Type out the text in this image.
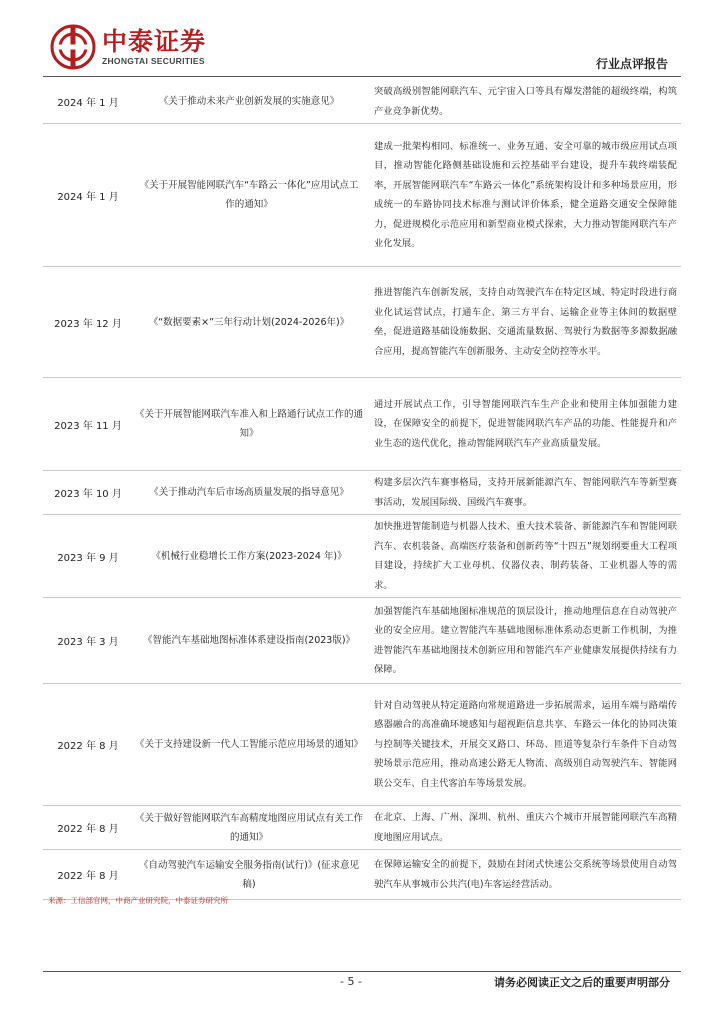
中泰证券
ZHONGTAI SECURITIES	行业点评报告
2024 年 1 月	《关于推动未来产业创新发展的实施意见》	突破高级别智能网联汽车、元宇宙入口等具有爆发潜能的超级终端，构筑产业竞争新优势。
2024 年 1 月	《关于开展智能网联汽车“车路云一体化”应用试点工作的通知》	建成一批架构相同、标准统一、业务互通、安全可靠的城市级应用试点项目，推动智能化路侧基础设施和云控基础平台建设，提升车载终端装配率，开展智能网联汽车“车路云一体化”系统架构设计和多种场景应用，形成统一的车路协同技术标准与测试评价体系，健全道路交通安全保障能力，促进规模化示范应用和新型商业模式探索，大力推动智能网联汽车产业化发展。
2023 年 12 月	《“数据要素×”三年行动计划(2024-2026年)》	推进智能汽车创新发展，支持自动驾驶汽车在特定区域、特定时段进行商业化试运营试点，打通车企、第三方平台、运输企业等主体间的数据壁垒，促进道路基础设施数据、交通流量数据、驾驶行为数据等多源数据融合应用，提高智能汽车创新服务、主动安全防控等水平。
2023 年 11 月	《关于开展智能网联汽车准入和上路通行试点工作的通知》	通过开展试点工作，引导智能网联汽车生产企业和使用主体加强能力建设，在保障安全的前提下，促进智能网联汽车产品的功能、性能提升和产业生态的迭代优化，推动智能网联汽车产业高质量发展。
2023 年 10 月	《关于推动汽车后市场高质量发展的指导意见》	构建多层次汽车赛事格局，支持开展新能源汽车、智能网联汽车等新型赛事活动，发展国际级、国级汽车赛事。
2023 年 9 月	《机械行业稳增长工作方案(2023-2024 年)》	加快推进智能制造与机器人技术、重大技术装备、新能源汽车和智能网联汽车、农机装备、高端医疗装备和创新药等“十四五”规划纲要重大工程项目建设，持续扩大工业母机、仪器仪表、制药装备、工业机器人等的需求。
2023 年 3 月	《智能汽车基础地图标准体系建设指南(2023版)》	加强智能汽车基础地图标准规范的顶层设计，推动地理信息在自动驾驶产业的安全应用。建立智能汽车基础地图标准体系动态更新工作机制，为推进智能汽车基础地图技术创新应用和智能汽车产业健康发展提供持续有力保障。
2022 年 8 月	《关于支持建设新一代人工智能示范应用场景的通知》	针对自动驾驶从特定道路向常规道路进一步拓展需求，运用车端与路端传感器融合的高准确环境感知与超视距信息共享、车路云一体化的协同决策与控制等关键技术，开展交叉路口、环岛、匝道等复杂行车条件下自动驾驶场景示范应用，推动高速公路无人物流、高级别自动驾驶汽车、智能网联公交车、自主代客泊车等场景发展。
2022 年 8 月	《关于做好智能网联汽车高精度地图应用试点有关工作的通知》	在北京、上海、广州、深圳、杭州、重庆六个城市开展智能网联汽车高精度地图应用试点。
2022 年 8 月	《自动驾驶汽车运输安全服务指南(试行)》(征求意见稿)	在保障运输安全的前提下，鼓励在封闭式快速公交系统等场景使用自动驾驶汽车从事城市公共汽(电)车客运经营活动。
来源：工信部官网，中商产业研究院，中泰证券研究所
- 5 -	请务必阅读正文之后的重要声明部分
